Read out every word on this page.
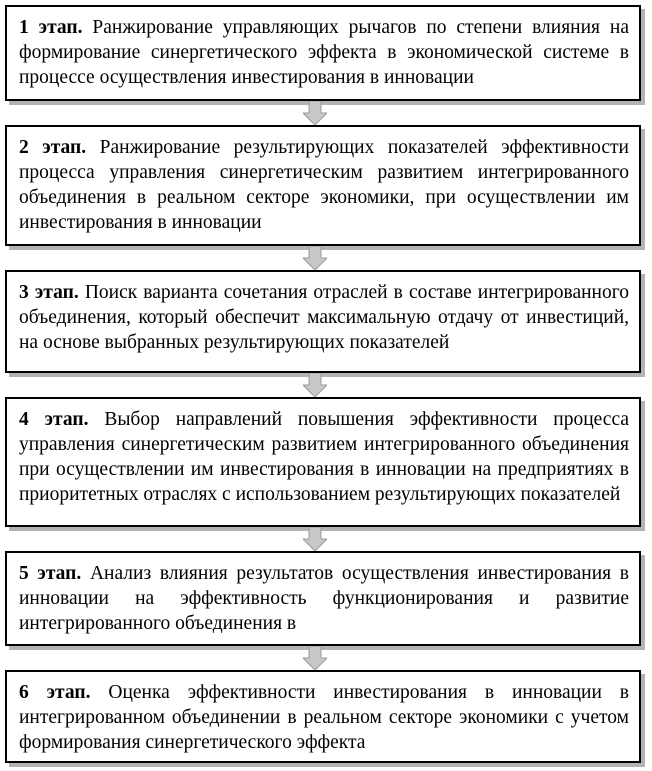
1 этап. Ранжирование управляющих рычагов по степени влияния на формирование синергетического эффекта в экономической системе в процессе осуществления инвестирования в инновации
2 этап. Ранжирование результирующих показателей эффективности процесса управления синергетическим развитием интегрированного объединения в реальном секторе экономики, при осуществлении им инвестирования в инновации
3 этап. Поиск варианта сочетания отраслей в составе интегрированного объединения, который обеспечит максимальную отдачу от инвестиций, на основе выбранных результирующих показателей
4 этап. Выбор направлений повышения эффективности процесса управления синергетическим развитием интегрированного объединения при осуществлении им инвестирования в инновации на предприятиях в приоритетных отраслях с использованием результирующих показателей
5 этап. Анализ влияния результатов осуществления инвестирования в инновации на эффективность функционирования и развитие интегрированного объединения в
6 этап. Оценка эффективности инвестирования в инновации в интегрированном объединении в реальном секторе экономики с учетом формирования синергетического эффекта
